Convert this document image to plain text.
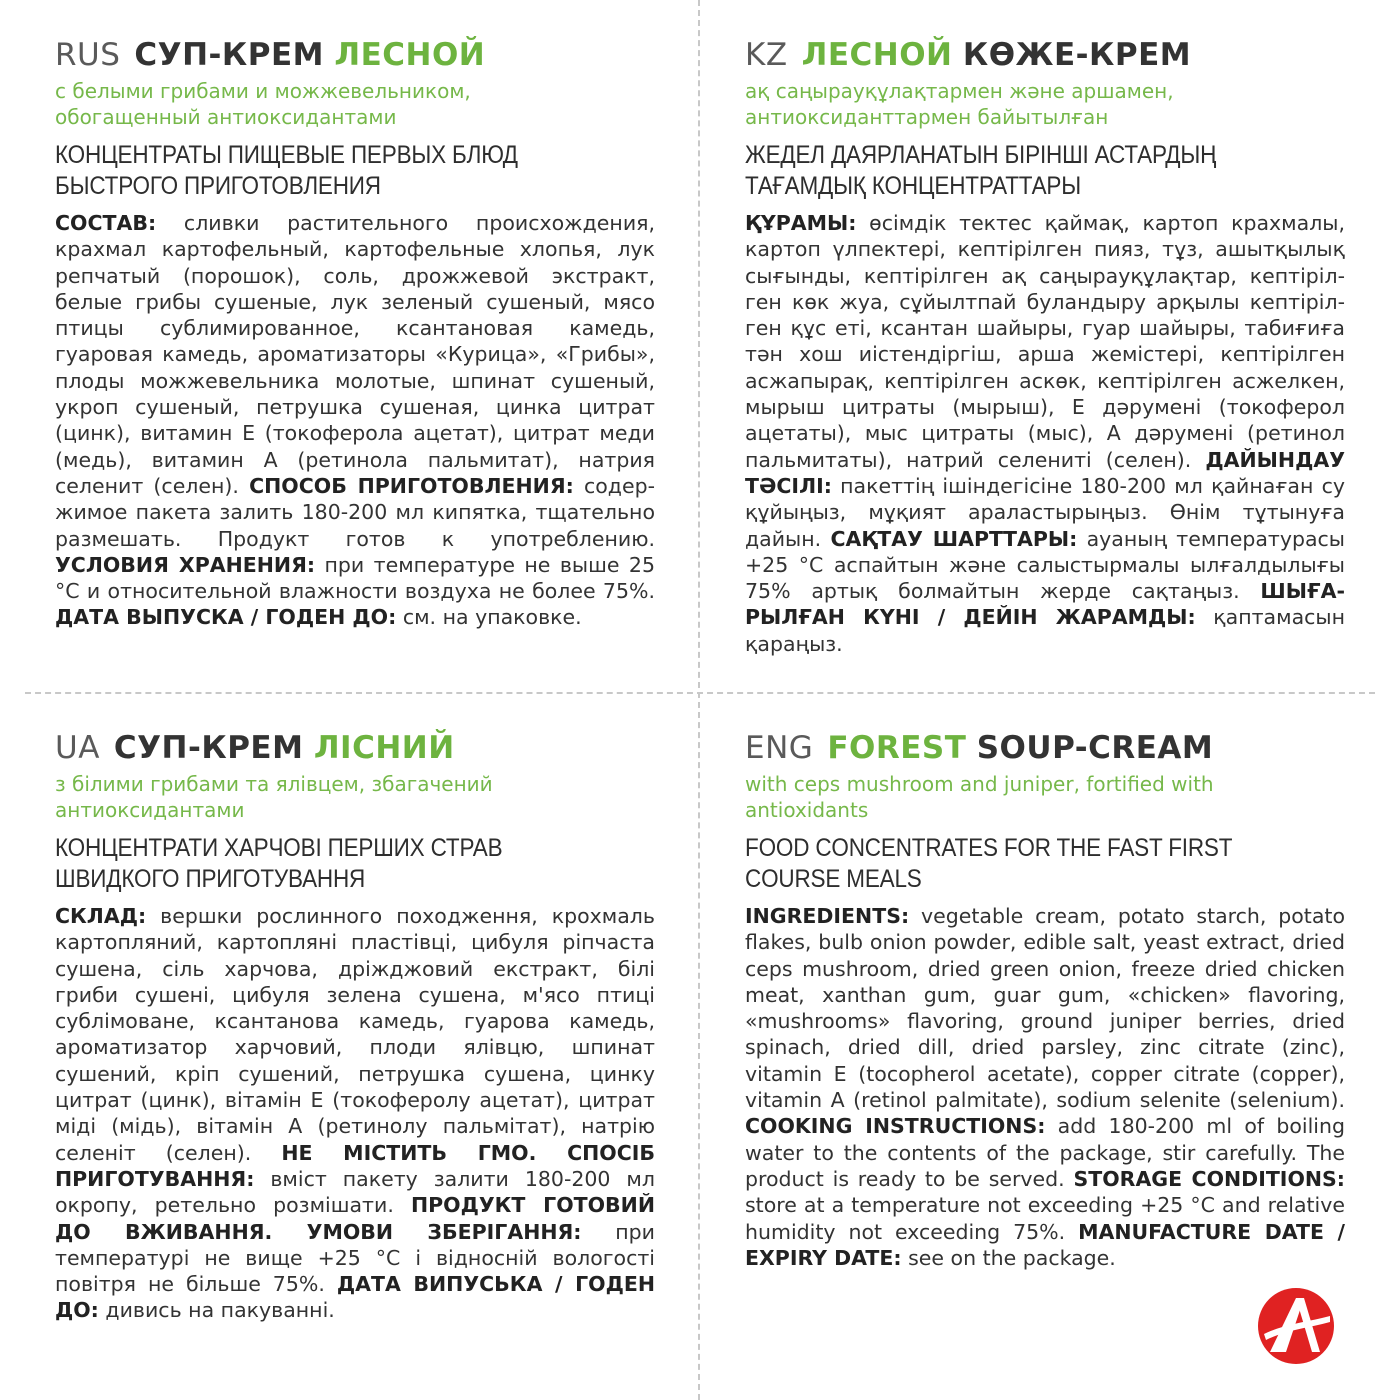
RUS СУП-КРЕМ ЛЕСНОЙ
с белыми грибами и можжевельником,
обогащенный антиоксидантами
КОНЦЕНТРАТЫ ПИЩЕВЫЕ ПЕРВЫХ БЛЮД
БЫСТРОГО ПРИГОТОВЛЕНИЯ
СОСТАВ: сливки растительного происхождения, крахмал картофельный, картофельные хлопья, лук репчатый (порошок), соль, дрожжевой экстракт, белые грибы сушеные, лук зеленый сушеный, мясо птицы сублимированное, ксантановая камедь, гуаровая камедь, ароматизаторы «Курица», «Грибы», плоды можжевельника молотые, шпинат сушеный, укроп сушеный, петрушка сушеная, цинка цитрат (цинк), витамин Е (токоферола ацетат), цитрат меди (медь), витамин А (ретинола пальмитат), натрия селенит (селен). СПОСОБ ПРИГОТОВЛЕНИЯ: содержимое пакета залить 180-200 мл кипятка, тщательно размешать. Продукт готов к употреблению. УСЛОВИЯ ХРАНЕНИЯ: при температуре не выше 25 °С и относительной влажности воздуха не более 75%. ДАТА ВЫПУСКА / ГОДЕН ДО: см. на упаковке.
KZ ЛЕСНОЙ КӨЖЕ-КРЕМ
ақ саңырауқұлақтармен және аршамен,
антиоксиданттармен байытылған
ЖЕДЕЛ ДАЯРЛАНАТЫН БІРІНШІ АСТАРДЫҢ
ТАҒАМДЫҚ КОНЦЕНТРАТТАРЫ
ҚҰРАМЫ: өсімдік тектес қаймақ, картоп крахмалы, картоп үлпектері, кептірілген пияз, тұз, ашытқылық сығынды, кептірілген ақ саңырауқұлақтар, кептірілген көк жуа, сұйылтпай буландыру арқылы кептірілген құс еті, ксантан шайыры, гуар шайыры, табиғиға тән хош иістендіргіш, арша жемістері, кептірілген асжапырақ, кептірілген аскөк, кептірілген асжелкен, мырыш цитраты (мырыш), Е дәрумені (токоферол ацетаты), мыс цитраты (мыс), А дәрумені (ретинол пальмитаты), натрий селениті (селен). ДАЙЫНДАУ ТӘСІЛІ: пакеттің ішіндегісіне 180-200 мл қайнаған су құйыңыз, мұқият араластырыңыз. Өнім тұтынуға дайын. САҚТАУ ШАРТТАРЫ: ауаның температурасы +25 °С аспайтын және салыстырмалы ылғалдылығы 75% артық болмайтын жерде сақтаңыз. ШЫҒАРЫЛҒАН КҮНІ / ДЕЙІН ЖАРАМДЫ: қаптамасын қараңыз.
UA СУП-КРЕМ ЛІСНИЙ
з білими грибами та ялівцем, збагачений
антиоксидантами
КОНЦЕНТРАТИ ХАРЧОВІ ПЕРШИХ СТРАВ
ШВИДКОГО ПРИГОТУВАННЯ
СКЛАД: вершки рослинного походження, крохмаль картопляний, картопляні пластівці, цибуля ріпчаста сушена, сіль харчова, дріжджовий екстракт, білі гриби сушені, цибуля зелена сушена, м'ясо птиці сублімоване, ксантанова камедь, гуарова камедь, ароматизатор харчовий, плоди ялівцю, шпинат сушений, кріп сушений, петрушка сушена, цинку цитрат (цинк), вітамін Е (токоферолу ацетат), цитрат міді (мідь), вітамін А (ретинолу пальмітат), натрію селеніт (селен). НЕ МІСТИТЬ ГМО. СПОСІБ ПРИГОТУВАННЯ: вміст пакету залити 180-200 мл окропу, ретельно розмішати. ПРОДУКТ ГОТОВИЙ ДО ВЖИВАННЯ. УМОВИ ЗБЕРІГАННЯ: при температурі не вище +25 °С і відносній вологості повітря не більше 75%. ДАТА ВИПУСЬКА / ГОДЕН ДО: дивись на пакуванні.
ENG FOREST SOUP-CREAM
with ceps mushroom and juniper, fortified with
antioxidants
FOOD CONCENTRATES FOR THE FAST FIRST
COURSE MEALS
INGREDIENTS: vegetable cream, potato starch, potato flakes, bulb onion powder, edible salt, yeast extract, dried ceps mushroom, dried green onion, freeze dried chicken meat, xanthan gum, guar gum, «chicken» flavoring, «mushrooms» flavoring, ground juniper berries, dried spinach, dried dill, dried parsley, zinc citrate (zinc), vitamin E (tocopherol acetate), copper citrate (copper), vitamin A (retinol palmitate), sodium selenite (selenium). COOKING INSTRUCTIONS: add 180-200 ml of boiling water to the contents of the package, stir carefully. The product is ready to be served. STORAGE CONDITIONS: store at a temperature not exceeding +25 °C and relative humidity not exceeding 75%. MANUFACTURE DATE / EXPIRY DATE: see on the package.
